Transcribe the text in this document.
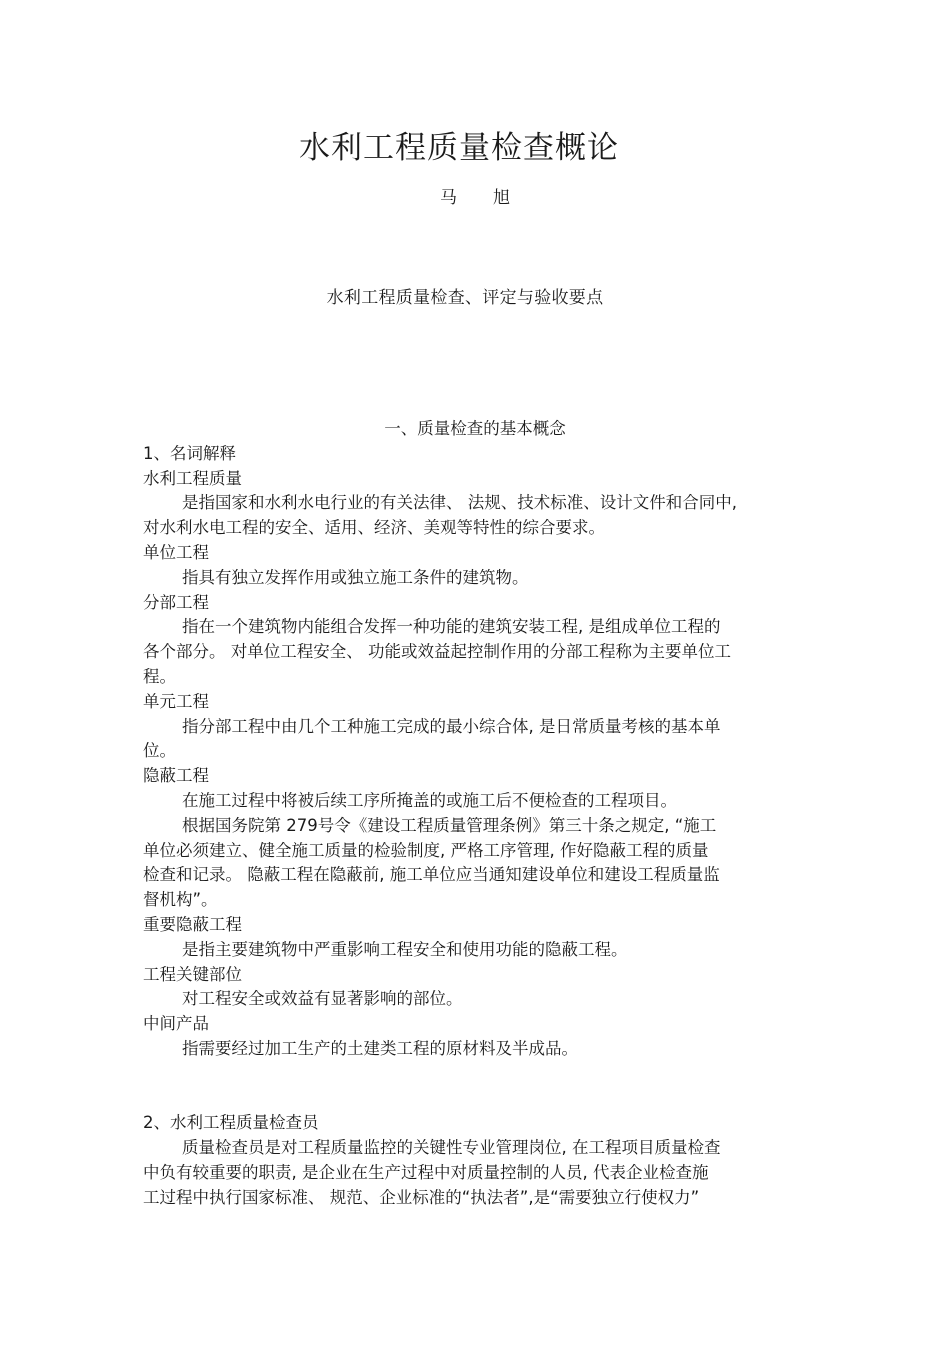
水利工程质量检查概论
马旭
水利工程质量检查、评定与验收要点
一、质量检查的基本概念
1、名词解释
水利工程质量
是指国家和水利水电行业的有关法律、 法规、技术标准、设计文件和合同中,
对水利水电工程的安全、适用、经济、美观等特性的综合要求。
单位工程
指具有独立发挥作用或独立施工条件的建筑物。
分部工程
指在一个建筑物内能组合发挥一种功能的建筑安装工程, 是组成单位工程的
各个部分。 对单位工程安全、 功能或效益起控制作用的分部工程称为主要单位工
程。
单元工程
指分部工程中由几个工种施工完成的最小综合体, 是日常质量考核的基本单
位。
隐蔽工程
在施工过程中将被后续工序所掩盖的或施工后不便检查的工程项目。
根据国务院第 279号令《建设工程质量管理条例》第三十条之规定, “施工
单位必须建立、健全施工质量的检验制度, 严格工序管理, 作好隐蔽工程的质量
检查和记录。 隐蔽工程在隐蔽前, 施工单位应当通知建设单位和建设工程质量监
督机构”。
重要隐蔽工程
是指主要建筑物中严重影响工程安全和使用功能的隐蔽工程。
工程关键部位
对工程安全或效益有显著影响的部位。
中间产品
指需要经过加工生产的土建类工程的原材料及半成品。
2、水利工程质量检查员
质量检查员是对工程质量监控的关键性专业管理岗位, 在工程项目质量检查
中负有较重要的职责, 是企业在生产过程中对质量控制的人员, 代表企业检查施
工过程中执行国家标准、 规范、企业标准的“执法者”,是“需要独立行使权力”
